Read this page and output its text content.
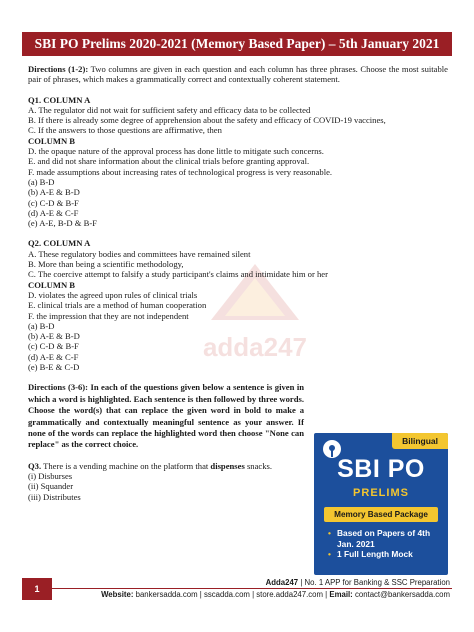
SBI PO Prelims 2020-2021 (Memory Based Paper) – 5th January 2021
adda247

Directions (1-2): Two columns are given in each question and each column has three phrases. Choose the most suitable pair of phrases, which makes a grammatically correct and contextually coherent statement.

Q1. COLUMN A

A. The regulator did not wait for sufficient safety and efficacy data to be collected

B. If there is already some degree of apprehension about the safety and efficacy of COVID-19 vaccines,

C. If the answers to those questions are affirmative, then

COLUMN B

D. the opaque nature of the approval process has done little to mitigate such concerns.

E. and did not share information about the clinical trials before granting approval.

F. made assumptions about increasing rates of technological progress is very reasonable.

(a) B-D

(b) A-E & B-D

(c) C-D & B-F

(d) A-E & C-F

(e) A-E, B-D & B-F

Q2. COLUMN A

A. These regulatory bodies and committees have remained silent

B. More than being a scientific methodology,

C. The coercive attempt to falsify a study participant's claims and intimidate him or her

COLUMN B

D. violates the agreed upon rules of clinical trials

E. clinical trials are a method of human cooperation

F. the impression that they are not independent

(a) B-D

(b) A-E & B-D

(c) C-D & B-F

(d) A-E & C-F

(e) B-E & C-D

Directions (3-6): In each of the questions given below a sentence is given in which a word is highlighted. Each sentence is then followed by three words. Choose the word(s) that can replace the given word in bold to make a grammatically and contextually meaningful sentence as your answer. If none of the words can replace the highlighted word then choose "None can replace" as the correct choice.

Q3. There is a vending machine on the platform that dispenses snacks.

(i) Disburses

(ii) Squander

(iii) Distributes

Bilingual
SBI PO
PRELIMS
Memory Based Package
• Based on Papers of 4th Jan. 2021
• 1 Full Length Mock
1
Adda247 | No. 1 APP for Banking & SSC Preparation
Website: bankersadda.com | sscadda.com | store.adda247.com | Email: contact@bankersadda.com
